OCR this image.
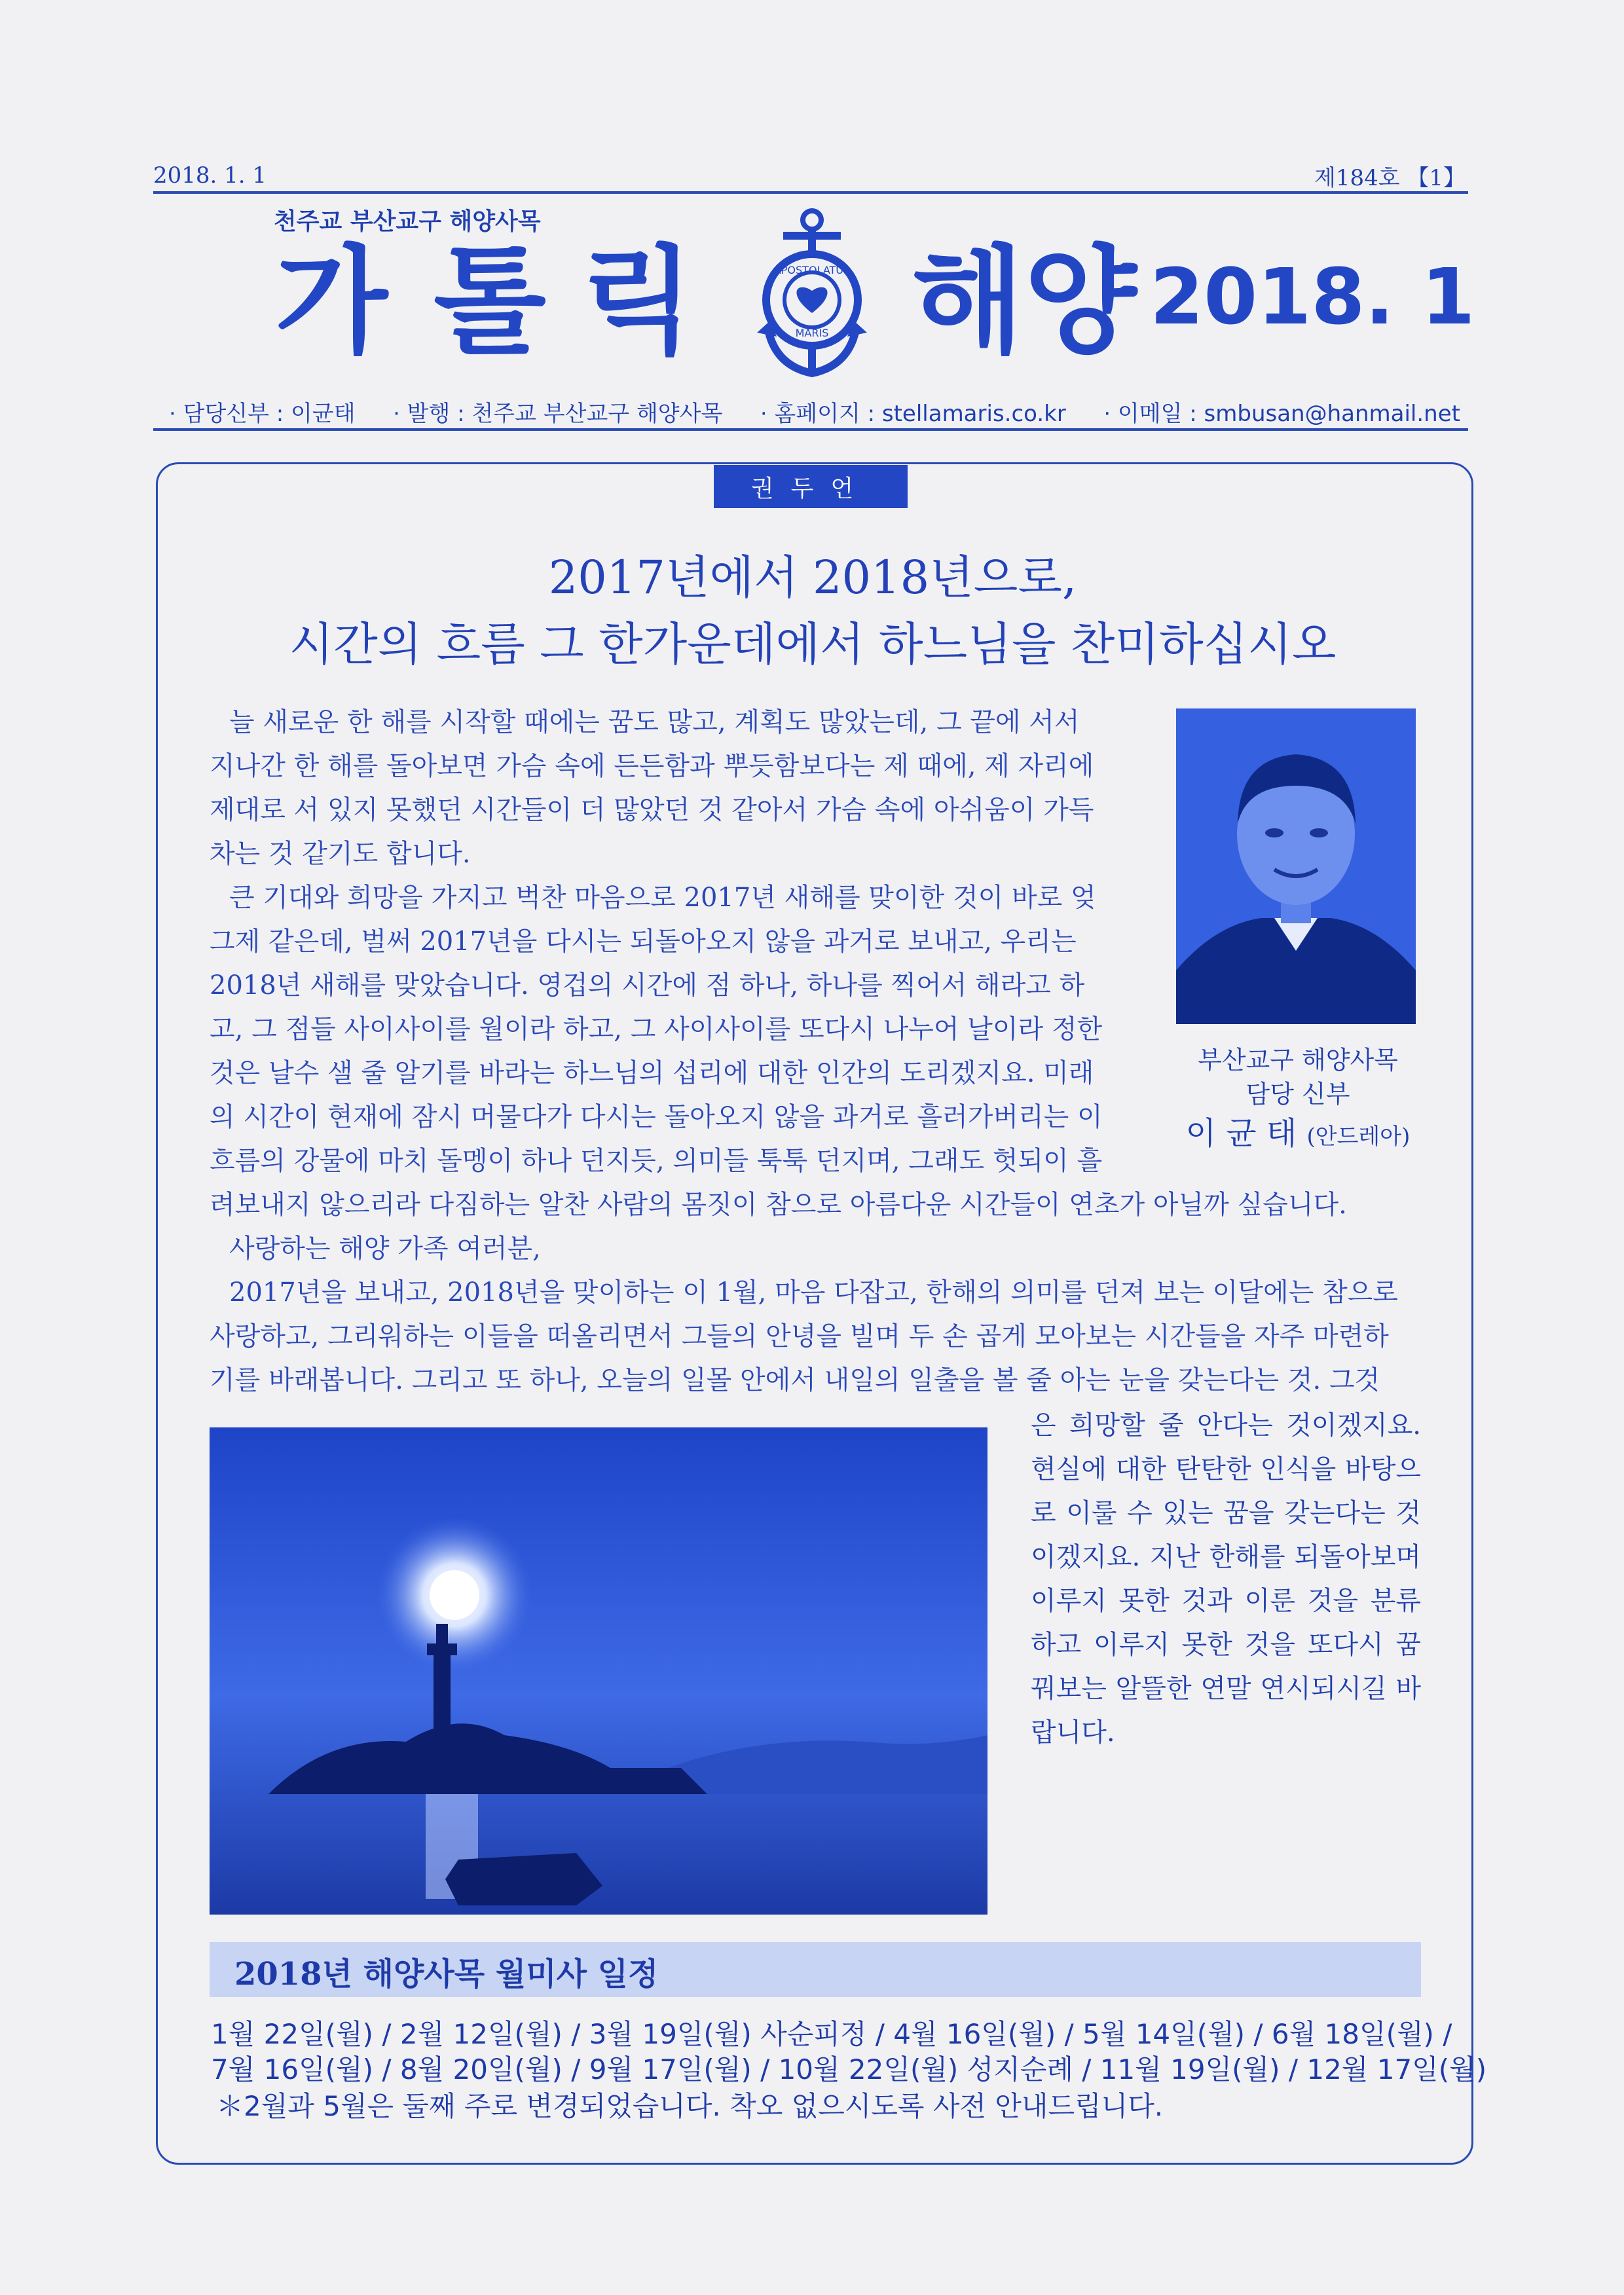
2018. 1. 1	제184호 【1】
천주교 부산교구 해양사목
가 톨 릭	APOSTOLATUS
MARIS 해양 2018. 1
· 담당신부 : 이균태 · 발행 : 천주교 부산교구 해양사목 · 홈페이지 : stellamaris.co.kr · 이메일 : smbusan@hanmail.net
권두언
2017년에서 2018년으로,
시간의 흐름 그 한가운데에서 하느님을 찬미하십시오
늘 새로운 한 해를 시작할 때에는 꿈도 많고, 계획도 많았는데, 그 끝에 서서
지나간 한 해를 돌아보면 가슴 속에 든든함과 뿌듯함보다는 제 때에, 제 자리에
제대로 서 있지 못했던 시간들이 더 많았던 것 같아서 가슴 속에 아쉬움이 가득
차는 것 같기도 합니다.
큰 기대와 희망을 가지고 벅찬 마음으로 2017년 새해를 맞이한 것이 바로 엊
그제 같은데, 벌써 2017년을 다시는 되돌아오지 않을 과거로 보내고, 우리는
2018년 새해를 맞았습니다. 영겁의 시간에 점 하나, 하나를 찍어서 해라고 하
고, 그 점들 사이사이를 월이라 하고, 그 사이사이를 또다시 나누어 날이라 정한
것은 날수 샐 줄 알기를 바라는 하느님의 섭리에 대한 인간의 도리겠지요. 미래
의 시간이 현재에 잠시 머물다가 다시는 돌아오지 않을 과거로 흘러가버리는 이
흐름의 강물에 마치 돌멩이 하나 던지듯, 의미들 툭툭 던지며, 그래도 헛되이 흘
려보내지 않으리라 다짐하는 알찬 사람의 몸짓이 참으로 아름다운 시간들이 연초가 아닐까 싶습니다.
사랑하는 해양 가족 여러분,
2017년을 보내고, 2018년을 맞이하는 이 1월, 마음 다잡고, 한해의 의미를 던져 보는 이달에는 참으로
사랑하고, 그리워하는 이들을 떠올리면서 그들의 안녕을 빌며 두 손 곱게 모아보는 시간들을 자주 마련하
기를 바래봅니다. 그리고 또 하나, 오늘의 일몰 안에서 내일의 일출을 볼 줄 아는 눈을 갖는다는 것. 그것
부산교구 해양사목
담당 신부
이 균 태 (안드레아)
은 희망할 줄 안다는 것이겠지요. 현실에 대한 탄탄한 인식을 바탕으로 이룰 수 있는 꿈을 갖는다는 것이겠지요. 지난 한해를 되돌아보며 이루지 못한 것과 이룬 것을 분류하고 이루지 못한 것을 또다시 꿈꿔보는 알뜰한 연말 연시되시길 바랍니다.
2018년 해양사목 월미사 일정
1월 22일(월) / 2월 12일(월) / 3월 19일(월) 사순피정 / 4월 16일(월) / 5월 14일(월) / 6월 18일(월) /
7월 16일(월) / 8월 20일(월) / 9월 17일(월) / 10월 22일(월) 성지순례 / 11월 19일(월) / 12월 17일(월)
＊2월과 5월은 둘째 주로 변경되었습니다. 착오 없으시도록 사전 안내드립니다.
